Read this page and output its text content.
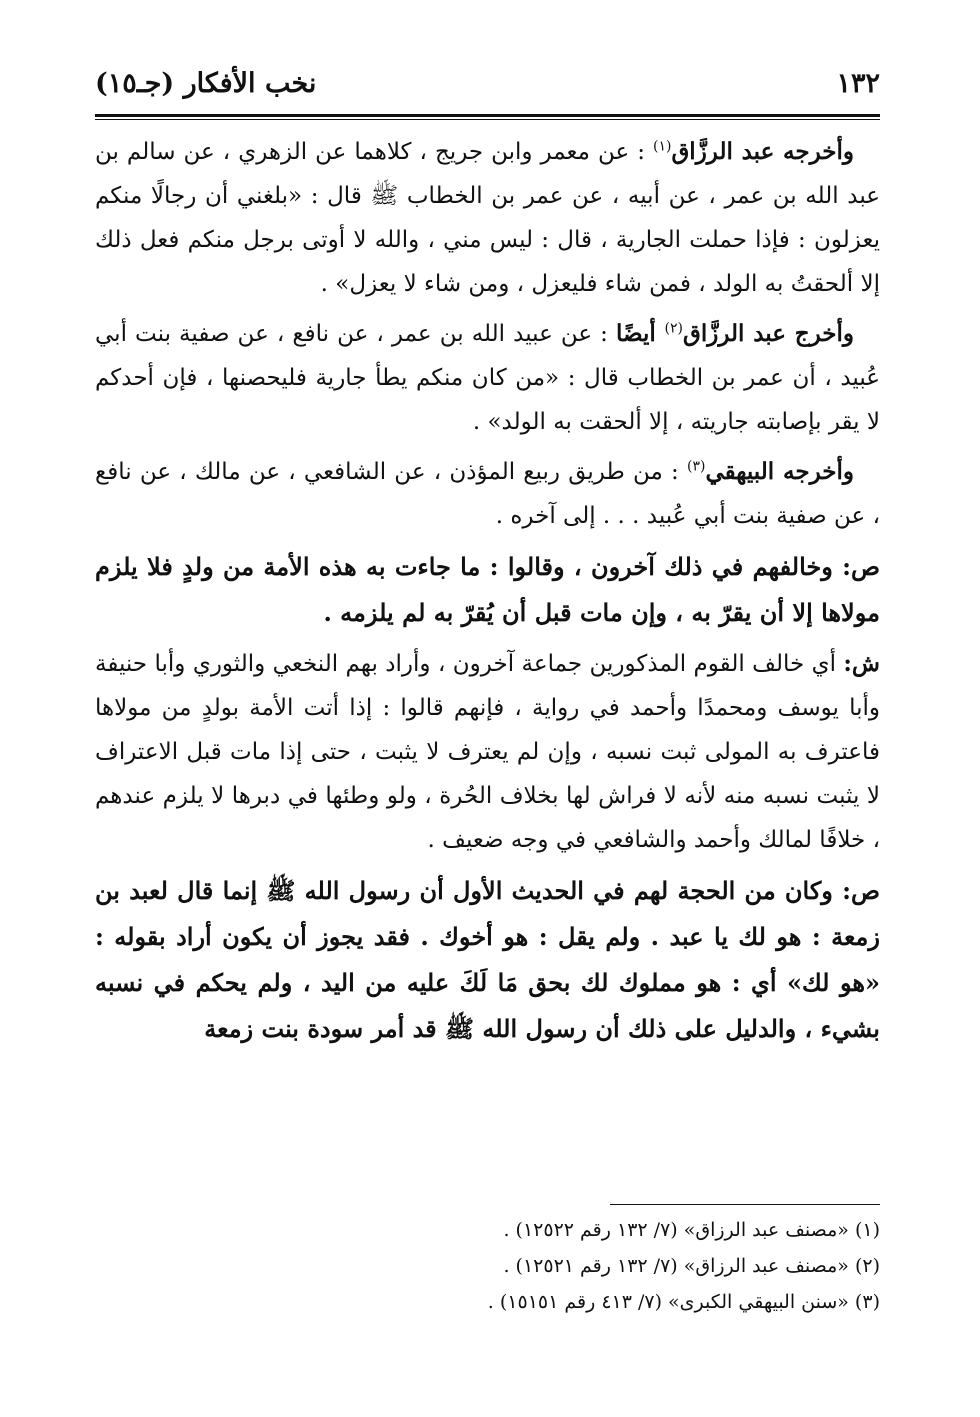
١٣٢
نخب الأفكار (جـ١٥)

وأخرجه عبد الرزَّاق$^{(١)}$ : عن معمر وابن جريج ، كلاهما عن الزهري ، عن سالم بن عبد الله بن عمر ، عن أبيه ، عن عمر بن الخطاب ﷺ قال : «بلغني أن رجالًا منكم يعزلون : فإذا حملت الجارية ، قال : ليس مني ، والله لا أوتى برجل منكم فعل ذلك إلا ألحقتُ به الولد ، فمن شاء فليعزل ، ومن شاء لا يعزل» .

وأخرج عبد الرزَّاق$^{(٢)}$ أيضًا : عن عبيد الله بن عمر ، عن نافع ، عن صفية بنت أبي عُبيد ، أن عمر بن الخطاب قال : «من كان منكم يطأ جارية فليحصنها ، فإن أحدكم لا يقر بإصابته جاريته ، إلا ألحقت به الولد» .

وأخرجه البيهقي$^{(٣)}$ : من طريق ربيع المؤذن ، عن الشافعي ، عن مالك ، عن نافع ، عن صفية بنت أبي عُبيد . . . إلى آخره .

ص: وخالفهم في ذلك آخرون ، وقالوا : ما جاءت به هذه الأمة من ولدٍ فلا يلزم مولاها إلا أن يقرّ به ، وإن مات قبل أن يُقرّ به لم يلزمه .

ش: أي خالف القوم المذكورين جماعة آخرون ، وأراد بهم النخعي والثوري وأبا حنيفة وأبا يوسف ومحمدًا وأحمد في رواية ، فإنهم قالوا : إذا أتت الأمة بولدٍ من مولاها فاعترف به المولى ثبت نسبه ، وإن لم يعترف لا يثبت ، حتى إذا مات قبل الاعتراف لا يثبت نسبه منه لأنه لا فراش لها بخلاف الحُرة ، ولو وطئها في دبرها لا يلزم عندهم ، خلافًا لمالك وأحمد والشافعي في وجه ضعيف .

ص: وكان من الحجة لهم في الحديث الأول أن رسول الله ﷺ إنما قال لعبد بن زمعة : هو لك يا عبد . ولم يقل : هو أخوك . فقد يجوز أن يكون أراد بقوله : «هو لك» أي : هو مملوك لك بحق مَا لَكَ عليه من اليد ، ولم يحكم في نسبه بشيء ، والدليل على ذلك أن رسول الله ﷺ قد أمر سودة بنت زمعة

(١) «مصنف عبد الرزاق» (٧/ ١٣٢ رقم ١٢٥٢٢) .

(٢) «مصنف عبد الرزاق» (٧/ ١٣٢ رقم ١٢٥٢١) .

(٣) «سنن البيهقي الكبرى» (٧/ ٤١٣ رقم ١٥١٥١) .
